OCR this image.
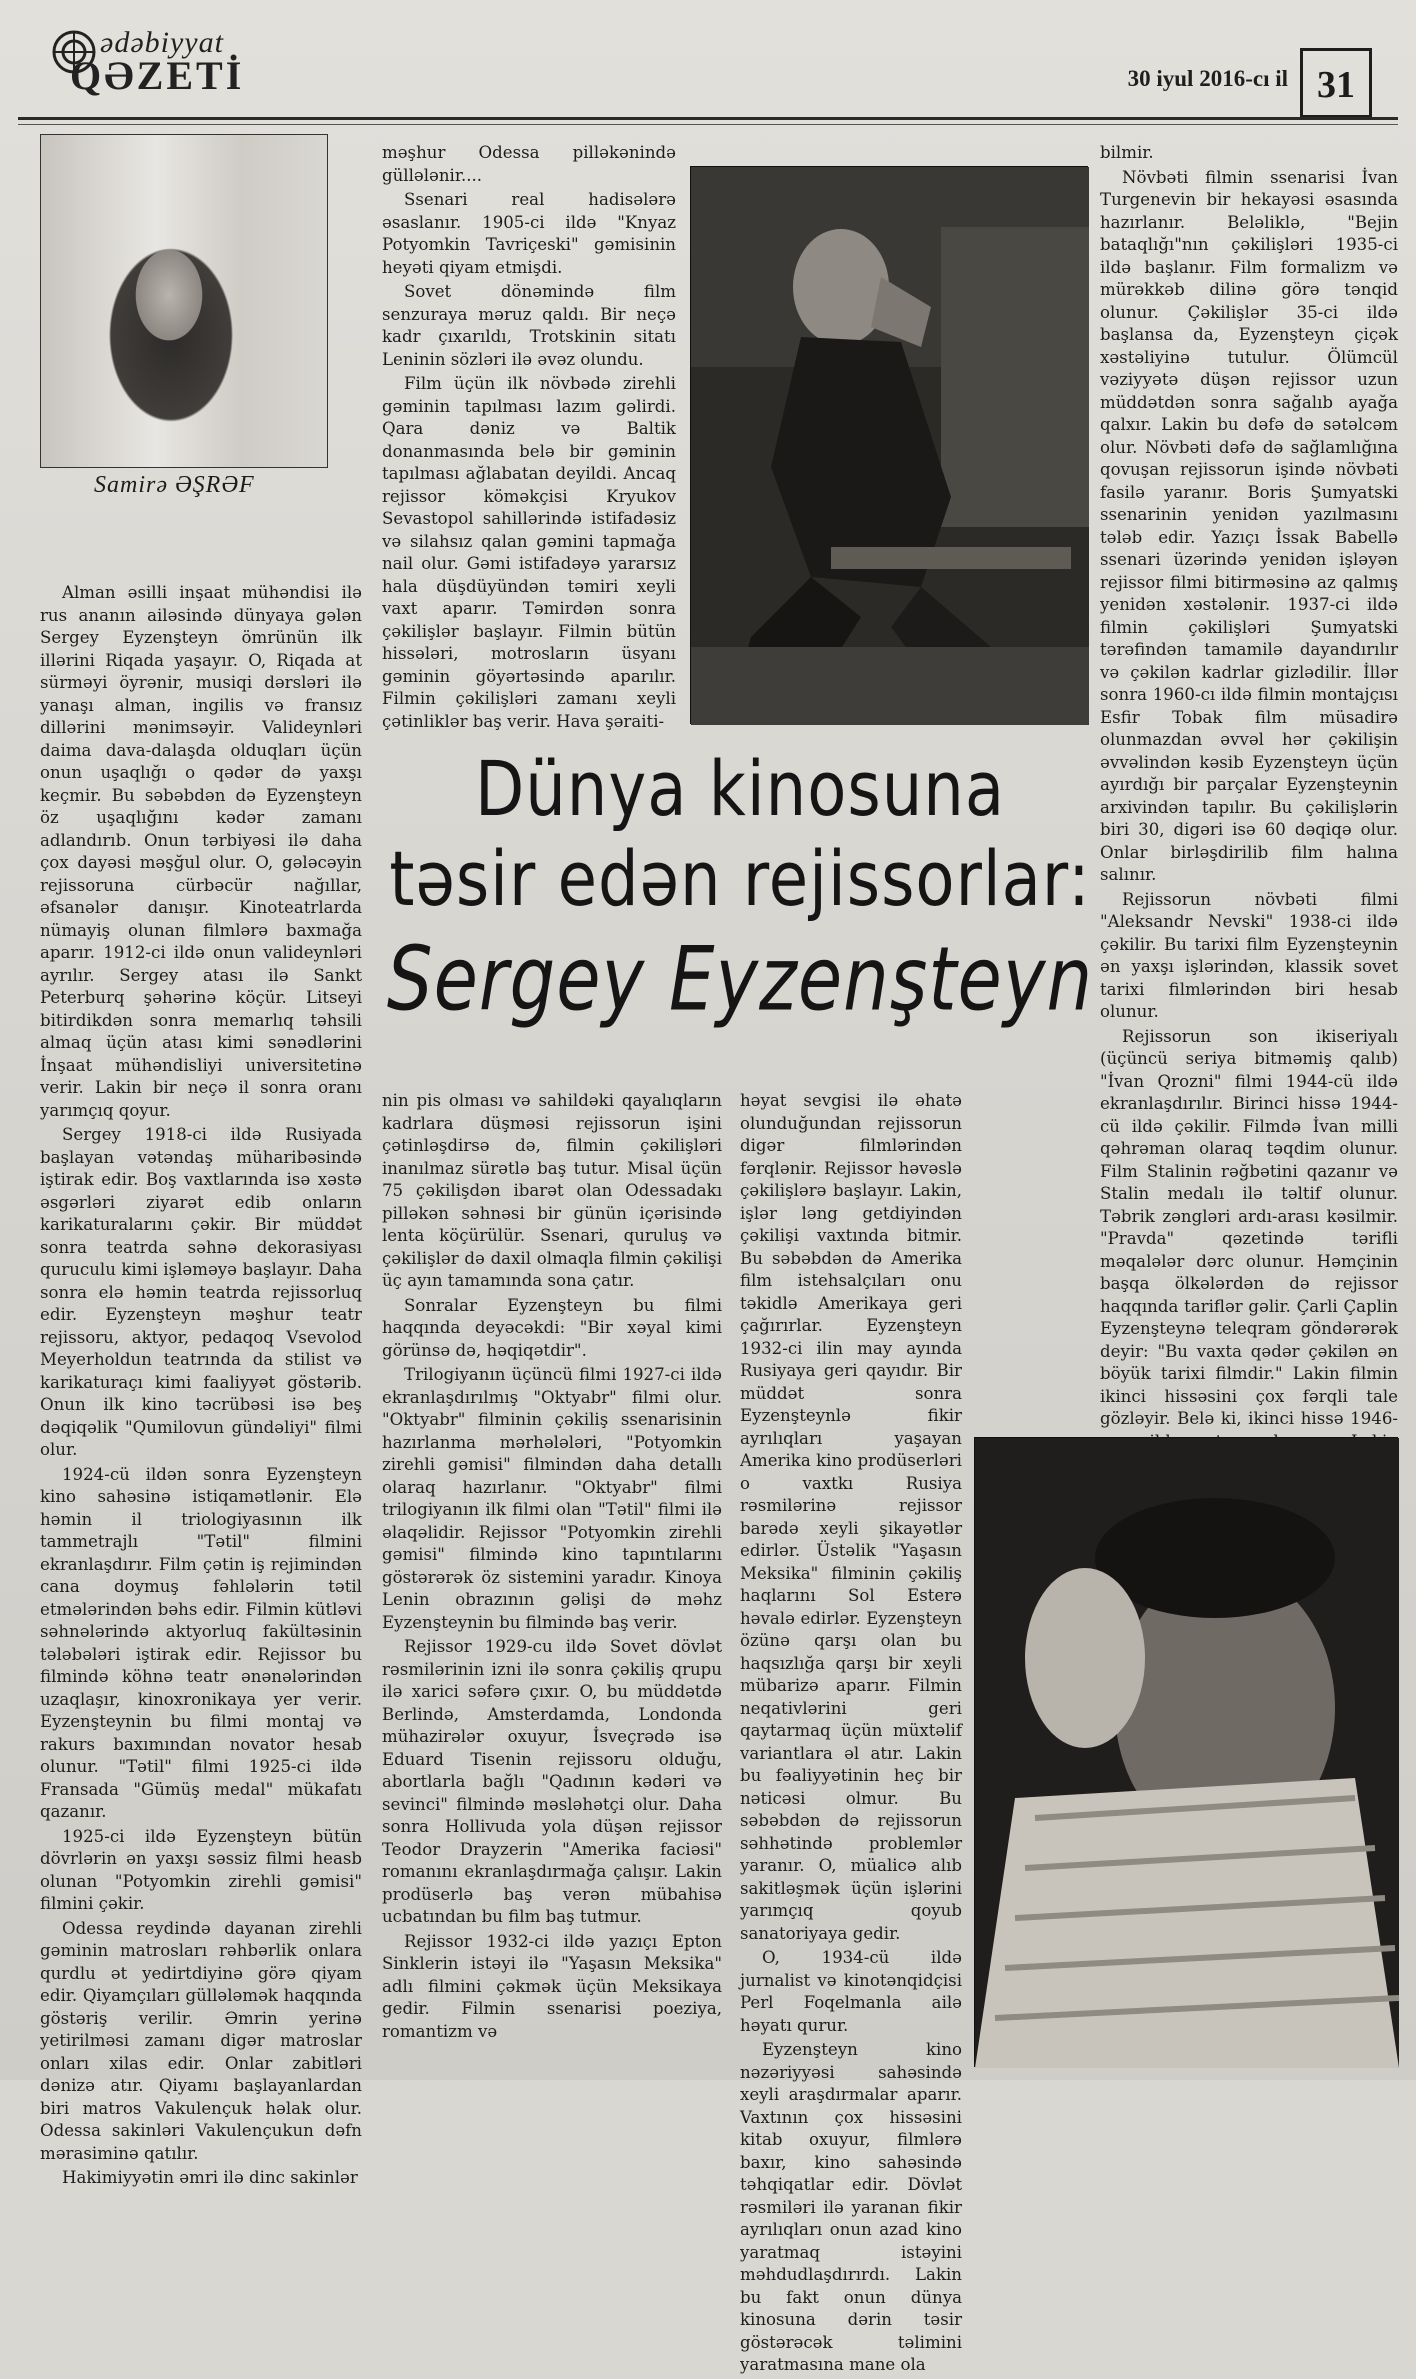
ədəbiyyat
QƏZETİ	30 iyul 2016-cı il 31
Samirə ƏŞRƏF

Alman əsilli inşaat mühəndisi ilə rus ananın ailəsində dünyaya gələn Sergey Eyzenşteyn ömrünün ilk illərini Riqada yaşayır. O, Riqada at sürməyi öyrənir, musiqi dərsləri ilə yanaşı alman, ingilis və fransız dillərini mənimsəyir. Valideynləri daima dava-dalaşda olduqları üçün onun uşaqlığı o qədər də yaxşı keçmir. Bu səbəbdən də Eyzenşteyn öz uşaqlığını kədər zamanı adlandırıb. Onun tərbiyəsi ilə daha çox dayəsi məşğul olur. O, gələcəyin rejissoruna cürbəcür nağıllar, əfsanələr danışır. Kinoteatrlarda nümayiş olunan filmlərə baxmağa aparır. 1912-ci ildə onun valideynləri ayrılır. Sergey atası ilə Sankt Peterburq şəhərinə köçür. Litseyi bitirdikdən sonra memarlıq təhsili almaq üçün atası kimi sənədlərini İnşaat mühəndisliyi universitetinə verir. Lakin bir neçə il sonra oranı yarımçıq qoyur.

Sergey 1918-ci ildə Rusiyada başlayan vətəndaş müharibəsində iştirak edir. Boş vaxtlarında isə xəstə əsgərləri ziyarət edib onların karikaturalarını çəkir. Bir müddət sonra teatrda səhnə dekorasiyası quruculu kimi işləməyə başlayır. Daha sonra elə həmin teatrda rejissorluq edir. Eyzenşteyn məşhur teatr rejissoru, aktyor, pedaqoq Vsevolod Meyerholdun teatrında da stilist və karikaturaçı kimi faaliyyət göstərib. Onun ilk kino təcrübəsi isə beş dəqiqəlik "Qumilovun gündəliyi" filmi olur.

1924-cü ildən sonra Eyzenşteyn kino sahəsinə istiqamətlənir. Elə həmin il triologiyasının ilk tammetrajlı "Tətil" filmini ekranlaşdırır. Film çətin iş rejimindən cana doymuş fəhlələrin tətil etmələrindən bəhs edir. Filmin kütləvi səhnələrində aktyorluq fakültəsinin tələbələri iştirak edir. Rejissor bu filmində köhnə teatr ənənələrindən uzaqlaşır, kinoxronikaya yer verir. Eyzenşteynin bu filmi montaj və rakurs baxımından novator hesab olunur. "Tətil" filmi 1925-ci ildə Fransada "Gümüş medal" mükafatı qazanır.

1925-ci ildə Eyzenşteyn bütün dövrlərin ən yaxşı səssiz filmi heasb olunan "Potyomkin zirehli gəmisi" filmini çəkir.

Odessa reydində dayanan zirehli gəminin matrosları rəhbərlik onlara qurdlu ət yedirtdiyinə görə qiyam edir. Qiyamçıları güllələmək haqqında göstəriş verilir. Əmrin yerinə yetirilməsi zamanı digər matroslar onları xilas edir. Onlar zabitləri dənizə atır. Qiyamı başlayanlardan biri matros Vakulençuk həlak olur. Odessa sakinləri Vakulençukun dəfn mərasiminə qatılır.

Hakimiyyətin əmri ilə dinc sakinlər

məşhur Odessa pilləkənində güllələnir....

Ssenari real hadisələrə əsaslanır. 1905-ci ildə "Knyaz Potyomkin Tavriçeski" gəmisinin heyəti qiyam etmişdi.

Sovet dönəmində film senzuraya məruz qaldı. Bir neçə kadr çıxarıldı, Trotskinin sitatı Leninin sözləri ilə əvəz olundu.

Film üçün ilk növbədə zirehli gəminin tapılması lazım gəlirdi. Qara dəniz və Baltik donanmasında belə bir gəminin tapılması ağlabatan deyildi. Ancaq rejissor köməkçisi Kryukov Sevastopol sahillərində istifadəsiz və silahsız qalan gəmini tapmağa nail olur. Gəmi istifadəyə yararsız hala düşdüyündən təmiri xeyli vaxt aparır. Təmirdən sonra çəkilişlər başlayır. Filmin bütün hissələri, motrosların üsyanı gəminin göyərtəsində aparılır. Filmin çəkilişləri zamanı xeyli çətinliklər baş verir. Hava şəraiti-

Dünya kinosuna
təsir edən rejissorlar:
Sergey Eyzenşteyn

nin pis olması və sahildəki qayalıqların kadrlara düşməsi rejissorun işini çətinləşdirsə də, filmin çəkilişləri inanılmaz sürətlə baş tutur. Misal üçün 75 çəkilişdən ibarət olan Odessadakı pilləkən səhnəsi bir günün içərisində lenta köçürülür. Ssenari, quruluş və çəkilişlər də daxil olmaqla filmin çəkilişi üç ayın tamamında sona çatır.

Sonralar Eyzenşteyn bu filmi haqqında deyəcəkdi: "Bir xəyal kimi görünsə də, həqiqətdir".

Trilogiyanın üçüncü filmi 1927-ci ildə ekranlaşdırılmış "Oktyabr" filmi olur. "Oktyabr" filminin çəkiliş ssenarisinin hazırlanma mərhələləri, "Potyomkin zirehli gəmisi" filmindən daha detallı olaraq hazırlanır. "Oktyabr" filmi trilogiyanın ilk filmi olan "Tətil" filmi ilə əlaqəlidir. Rejissor "Potyomkin zirehli gəmisi" filmində kino tapıntılarını göstərərək öz sistemini yaradır. Kinoya Lenin obrazının gəlişi də məhz Eyzenşteynin bu filmində baş verir.

Rejissor 1929-cu ildə Sovet dövlət rəsmilərinin izni ilə sonra çəkiliş qrupu ilə xarici səfərə çıxır. O, bu müddətdə Berlində, Amsterdamda, Londonda mühazirələr oxuyur, İsveçrədə isə Eduard Tisenin rejissoru olduğu, abortlarla bağlı "Qadının kədəri və sevinci" filmində məsləhətçi olur. Daha sonra Hollivuda yola düşən rejissor Teodor Drayzerin "Amerika faciəsi" romanını ekranlaşdırmağa çalışır. Lakin prodüserlə baş verən mübahisə ucbatından bu film baş tutmur.

Rejissor 1932-ci ildə yazıçı Epton Sinklerin istəyi ilə "Yaşasın Meksika" adlı filmini çəkmək üçün Meksikaya gedir. Filmin ssenarisi poeziya, romantizm və

həyat sevgisi ilə əhatə olunduğundan rejissorun digər filmlərindən fərqlənir. Rejissor həvəslə çəkilişlərə başlayır. Lakin, işlər ləng getdiyindən çəkilişi vaxtında bitmir. Bu səbəbdən də Amerika film istehsalçıları onu təkidlə Amerikaya geri çağırırlar. Eyzenşteyn 1932-ci ilin may ayında Rusiyaya geri qayıdır. Bir müddət sonra Eyzenşteynlə fikir ayrılıqları yaşayan Amerika kino prodüserləri o vaxtkı Rusiya rəsmilərinə rejissor barədə xeyli şikayətlər edirlər. Üstəlik "Yaşasın Meksika" filminin çəkiliş haqlarını Sol Esterə həvalə edirlər. Eyzenşteyn özünə qarşı olan bu haqsızlığa qarşı bir xeyli mübarizə aparır. Filmin neqativlərini geri qaytarmaq üçün müxtəlif variantlara əl atır. Lakin bu fəaliyyətinin heç bir nəticəsi olmur. Bu səbəbdən də rejissorun səhhətində problemlər yaranır. O, müalicə alıb sakitləşmək üçün işlərini yarımçıq qoyub sanatoriyaya gedir.

O, 1934-cü ildə jurnalist və kinotənqidçisi Perl Foqelmanla ailə həyatı qurur.

Eyzenşteyn kino nəzəriyyəsi sahəsində xeyli araşdırmalar aparır. Vaxtının çox hissəsini kitab oxuyur, filmlərə baxır, kino sahəsində təhqiqatlar edir. Dövlət rəsmiləri ilə yaranan fikir ayrılıqları onun azad kino yaratmaq istəyini məhdudlaşdırırdı. Lakin bu fakt onun dünya kinosuna dərin təsir göstərəcək təlimini yaratmasına mane ola

bilmir.

Növbəti filmin ssenarisi İvan Turgenevin bir hekayəsi əsasında hazırlanır. Beləliklə, "Bejin bataqlığı"nın çəkilişləri 1935-ci ildə başlanır. Film formalizm və mürəkkəb dilinə görə tənqid olunur. Çəkilişlər 35-ci ildə başlansa da, Eyzenşteyn çiçək xəstəliyinə tutulur. Ölümcül vəziyyətə düşən rejissor uzun müddətdən sonra sağalıb ayağa qalxır. Lakin bu dəfə də sətəlcəm olur. Növbəti dəfə də sağlamlığına qovuşan rejissorun işində növbəti fasilə yaranır. Boris Şumyatski ssenarinin yenidən yazılmasını tələb edir. Yazıçı İssak Babellə ssenari üzərində yenidən işləyən rejissor filmi bitirməsinə az qalmış yenidən xəstələnir. 1937-ci ildə filmin çəkilişləri Şumyatski tərəfindən tamamilə dayandırılır və çəkilən kadrlar gizlədilir. İllər sonra 1960-cı ildə filmin montajçısı Esfir Tobak film müsadirə olunmazdan əvvəl hər çəkilişin əvvəlindən kəsib Eyzenşteyn üçün ayırdığı bir parçalar Eyzenşteynin arxivindən tapılır. Bu çəkilişlərin biri 30, digəri isə 60 dəqiqə olur. Onlar birləşdirilib film halına salınır.

Rejissorun növbəti filmi "Aleksandr Nevski" 1938-ci ildə çəkilir. Bu tarixi film Eyzenşteynin ən yaxşı işlərindən, klassik sovet tarixi filmlərindən biri hesab olunur.

Rejissorun son ikiseriyalı (üçüncü seriya bitməmiş qalıb) "İvan Qrozni" filmi 1944-cü ildə ekranlaşdırılır. Birinci hissə 1944-cü ildə çəkilir. Filmdə İvan milli qəhrəman olaraq təqdim olunur. Film Stalinin rəğbətini qazanır və Stalin medalı ilə təltif olunur. Təbrik zəngləri ardı-arası kəsilmir. "Pravda" qəzetində tərifli məqalələr dərc olunur. Həmçinin başqa ölkələrdən də rejissor haqqında tariflər gəlir. Çarli Çaplin Eyzenşteynə teleqram göndərərək deyir: "Bu vaxta qədər çəkilən ən böyük tarixi filmdir." Lakin filmin ikinci hissəsini çox fərqli tale gözləyir. Belə ki, ikinci hissə 1946-
